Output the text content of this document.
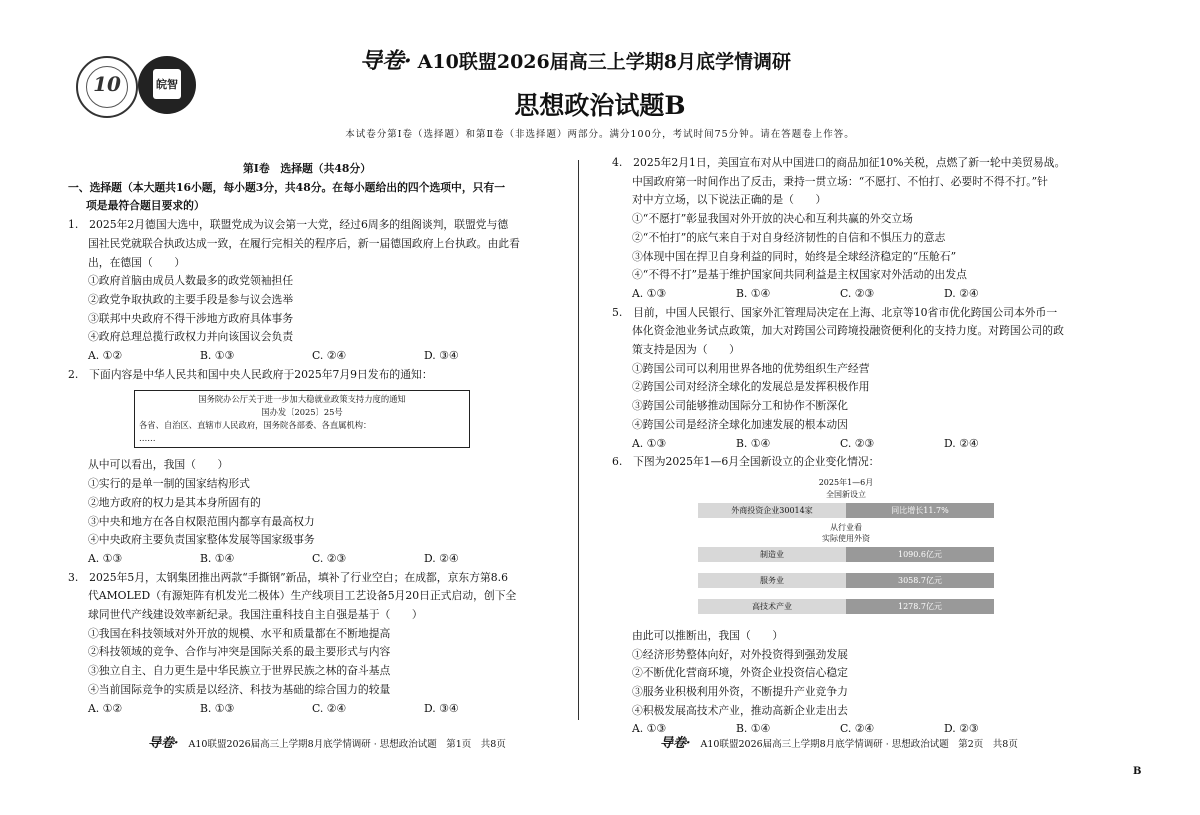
10	皖智
导卷· A10联盟2026届高三上学期8月底学情调研
思想政治试题B
本试卷分第Ⅰ卷（选择题）和第Ⅱ卷（非选择题）两部分。满分100分，考试时间75分钟。请在答题卷上作答。
第Ⅰ卷　选择题（共48分）
一、选择题（本大题共16小题，每小题3分，共48分。在每小题给出的四个选项中，只有一
项是最符合题目要求的）
1.　2025年2月德国大选中，联盟党成为议会第一大党，经过6周多的组阁谈判，联盟党与德
国社民党就联合执政达成一致，在履行完相关的程序后，新一届德国政府上台执政。由此看
出，在德国（　　）
①政府首脑由成员人数最多的政党领袖担任
②政党争取执政的主要手段是参与议会选举
③联邦中央政府不得干涉地方政府具体事务
④政府总理总揽行政权力并向该国议会负责
A. ①②	B. ①③	C. ②④	D. ③④
2.　下面内容是中华人民共和国中央人民政府于2025年7月9日发布的通知：
国务院办公厅关于进一步加大稳就业政策支持力度的通知
国办发〔2025〕25号
各省、自治区、直辖市人民政府，国务院各部委、各直属机构：
……
从中可以看出，我国（　　）
①实行的是单一制的国家结构形式
②地方政府的权力是其本身所固有的
③中央和地方在各自权限范围内都享有最高权力
④中央政府主要负责国家整体发展等国家级事务
A. ①③	B. ①④	C. ②③	D. ②④
3.　2025年5月，太钢集团推出两款“手撕钢”新品，填补了行业空白；在成都，京东方第8.6
代AMOLED（有源矩阵有机发光二极体）生产线项目工艺设备5月20日正式启动，创下全
球同世代产线建设效率新纪录。我国注重科技自主自强是基于（　　）
①我国在科技领域对外开放的规模、水平和质量都在不断地提高
②科技领域的竞争、合作与冲突是国际关系的最主要形式与内容
③独立自主、自力更生是中华民族立于世界民族之林的奋斗基点
④当前国际竞争的实质是以经济、科技为基础的综合国力的较量
A. ①②	B. ①③	C. ②④	D. ③④
4.　2025年2月1日，美国宣布对从中国进口的商品加征10%关税，点燃了新一轮中美贸易战。
中国政府第一时间作出了反击，秉持一贯立场：“不愿打、不怕打、必要时不得不打。”针
对中方立场，以下说法正确的是（　　）
①“不愿打”彰显我国对外开放的决心和互利共赢的外交立场
②“不怕打”的底气来自于对自身经济韧性的自信和不惧压力的意志
③体现中国在捍卫自身利益的同时，始终是全球经济稳定的“压舱石”
④“不得不打”是基于维护国家间共同利益是主权国家对外活动的出发点
A. ①③	B. ①④	C. ②③	D. ②④
5.　目前，中国人民银行、国家外汇管理局决定在上海、北京等10省市优化跨国公司本外币一
体化资金池业务试点政策，加大对跨国公司跨境投融资便利化的支持力度。对跨国公司的政
策支持是因为（　　）
①跨国公司可以利用世界各地的优势组织生产经营
②跨国公司对经济全球化的发展总是发挥积极作用
③跨国公司能够推动国际分工和协作不断深化
④跨国公司是经济全球化加速发展的根本动因
A. ①③	B. ①④	C. ②③	D. ②④
6.　下图为2025年1—6月全国新设立的企业变化情况：
2025年1—6月
全国新设立
外商投资企业30014家	同比增长11.7%
从行业看
实际使用外资
制造业	1090.6亿元
服务业	3058.7亿元
高技术产业	1278.7亿元
由此可以推断出，我国（　　）
①经济形势整体向好，对外投资得到强劲发展
②不断优化营商环境，外资企业投资信心稳定
③服务业积极利用外资，不断提升产业竞争力
④积极发展高技术产业，推动高新企业走出去
A. ①③	B. ①④	C. ②④	D. ②③
导卷· A10联盟2026届高三上学期8月底学情调研 · 思想政治试题　第1页　共8页	导卷· A10联盟2026届高三上学期8月底学情调研 · 思想政治试题　第2页　共8页
B
